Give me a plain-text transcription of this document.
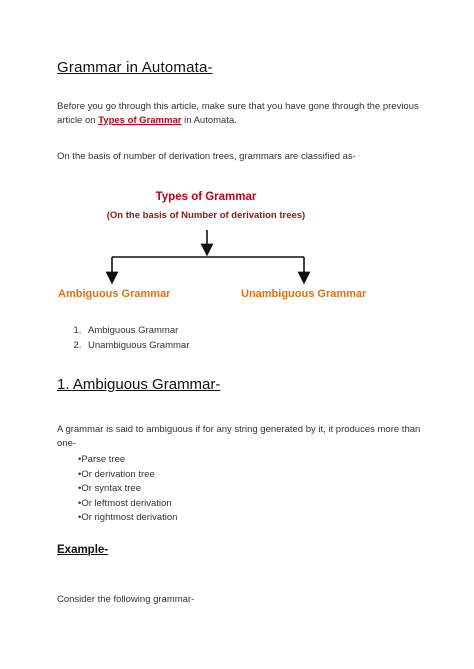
Grammar in Automata-
Before you go through this article, make sure that you have gone through the previous article on Types of Grammar in Automata.
On the basis of number of derivation trees, grammars are classified as-
Types of Grammar
(On the basis of Number of derivation trees)
Ambiguous Grammar	Unambiguous Grammar
1. Ambiguous Grammar
2. Unambiguous Grammar
1. Ambiguous Grammar-
A grammar is said to ambiguous if for any string generated by it, it produces more than one-
• Parse tree
• Or derivation tree
• Or syntax tree
• Or leftmost derivation
• Or rightmost derivation
Example-
Consider the following grammar-
